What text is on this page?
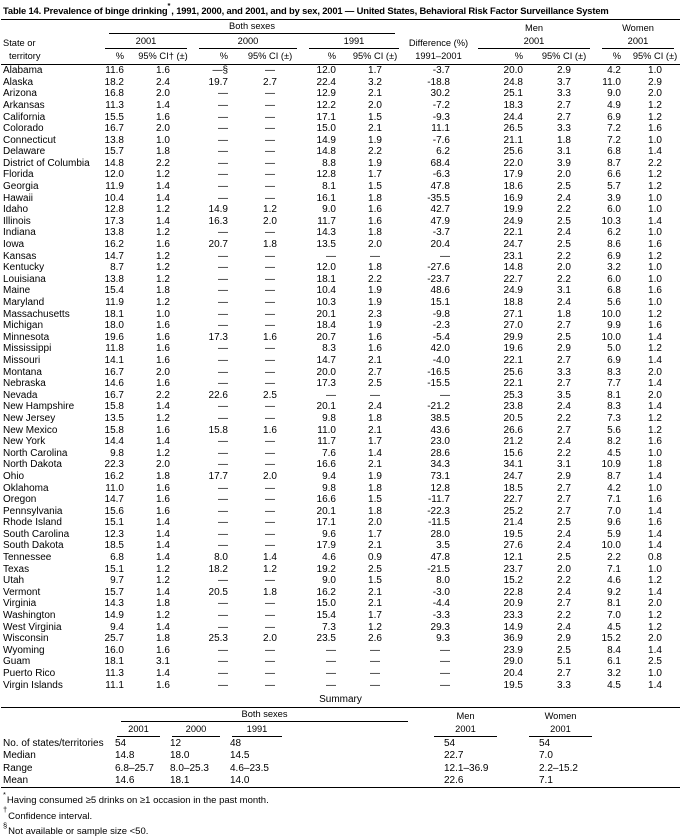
Table 14. Prevalence of binge drinking*, 1991, 2000, and 2001, and by sex, 2001 — United States, Behavioral Risk Factor Surveillance System

	Both sexes							Men		Women	
State or	2001		2000		1991		Difference (%)	2001		2001	

territory	%	95% CI† (±)	%	95% CI (±)	%	95% CI (±)	1991–2001	%	95% CI (±)	%	95% CI (±)
Alabama	11.6	1.6	—§	—	12.0	1.7	-3.7	20.0	2.9	4.2	1.0
Alaska	18.2	2.4	19.7	2.7	22.4	3.2	-18.8	24.8	3.7	11.0	2.9
Arizona	16.8	2.0	—	—	12.9	2.1	30.2	25.1	3.3	9.0	2.0
Arkansas	11.3	1.4	—	—	12.2	2.0	-7.2	18.3	2.7	4.9	1.2
California	15.5	1.6	—	—	17.1	1.5	-9.3	24.4	2.7	6.9	1.2
Colorado	16.7	2.0	—	—	15.0	2.1	11.1	26.5	3.3	7.2	1.6
Connecticut	13.8	1.0	—	—	14.9	1.9	-7.6	21.1	1.8	7.2	1.0
Delaware	15.7	1.8	—	—	14.8	2.2	6.2	25.6	3.1	6.8	1.4
District of Columbia	14.8	2.2	—	—	8.8	1.9	68.4	22.0	3.9	8.7	2.2
Florida	12.0	1.2	—	—	12.8	1.7	-6.3	17.9	2.0	6.6	1.2
Georgia	11.9	1.4	—	—	8.1	1.5	47.8	18.6	2.5	5.7	1.2
Hawaii	10.4	1.4	—	—	16.1	1.8	-35.5	16.9	2.4	3.9	1.0
Idaho	12.8	1.2	14.9	1.2	9.0	1.6	42.7	19.9	2.2	6.0	1.0
Illinois	17.3	1.4	16.3	2.0	11.7	1.6	47.9	24.9	2.5	10.3	1.4
Indiana	13.8	1.2	—	—	14.3	1.8	-3.7	22.1	2.4	6.2	1.0
Iowa	16.2	1.6	20.7	1.8	13.5	2.0	20.4	24.7	2.5	8.6	1.6
Kansas	14.7	1.2	—	—	—	—	—	23.1	2.2	6.9	1.2
Kentucky	8.7	1.2	—	—	12.0	1.8	-27.6	14.8	2.0	3.2	1.0
Louisiana	13.8	1.2	—	—	18.1	2.2	-23.7	22.7	2.2	6.0	1.0
Maine	15.4	1.8	—	—	10.4	1.9	48.6	24.9	3.1	6.8	1.6
Maryland	11.9	1.2	—	—	10.3	1.9	15.1	18.8	2.4	5.6	1.0
Massachusetts	18.1	1.0	—	—	20.1	2.3	-9.8	27.1	1.8	10.0	1.2
Michigan	18.0	1.6	—	—	18.4	1.9	-2.3	27.0	2.7	9.9	1.6
Minnesota	19.6	1.6	17.3	1.6	20.7	1.6	-5.4	29.9	2.5	10.0	1.4
Mississippi	11.8	1.6	—	—	8.3	1.6	42.0	19.6	2.9	5.0	1.2
Missouri	14.1	1.6	—	—	14.7	2.1	-4.0	22.1	2.7	6.9	1.4
Montana	16.7	2.0	—	—	20.0	2.7	-16.5	25.6	3.3	8.3	2.0
Nebraska	14.6	1.6	—	—	17.3	2.5	-15.5	22.1	2.7	7.7	1.4
Nevada	16.7	2.2	22.6	2.5	—	—	—	25.3	3.5	8.1	2.0
New Hampshire	15.8	1.4	—	—	20.1	2.4	-21.2	23.8	2.4	8.3	1.4
New Jersey	13.5	1.2	—	—	9.8	1.8	38.5	20.5	2.2	7.3	1.2
New Mexico	15.8	1.6	15.8	1.6	11.0	2.1	43.6	26.6	2.7	5.6	1.2
New York	14.4	1.4	—	—	11.7	1.7	23.0	21.2	2.4	8.2	1.6
North Carolina	9.8	1.2	—	—	7.6	1.4	28.6	15.6	2.2	4.5	1.0
North Dakota	22.3	2.0	—	—	16.6	2.1	34.3	34.1	3.1	10.9	1.8
Ohio	16.2	1.8	17.7	2.0	9.4	1.9	73.1	24.7	2.9	8.7	1.4
Oklahoma	11.0	1.6	—	—	9.8	1.8	12.8	18.5	2.7	4.2	1.0
Oregon	14.7	1.6	—	—	16.6	1.5	-11.7	22.7	2.7	7.1	1.6
Pennsylvania	15.6	1.6	—	—	20.1	1.8	-22.3	25.2	2.7	7.0	1.4
Rhode Island	15.1	1.4	—	—	17.1	2.0	-11.5	21.4	2.5	9.6	1.6
South Carolina	12.3	1.4	—	—	9.6	1.7	28.0	19.5	2.4	5.9	1.4
South Dakota	18.5	1.4	—	—	17.9	2.1	3.5	27.6	2.4	10.0	1.4
Tennessee	6.8	1.4	8.0	1.4	4.6	0.9	47.8	12.1	2.5	2.2	0.8
Texas	15.1	1.2	18.2	1.2	19.2	2.5	-21.5	23.7	2.0	7.1	1.0
Utah	9.7	1.2	—	—	9.0	1.5	8.0	15.2	2.2	4.6	1.2
Vermont	15.7	1.4	20.5	1.8	16.2	2.1	-3.0	22.8	2.4	9.2	1.4
Virginia	14.3	1.8	—	—	15.0	2.1	-4.4	20.9	2.7	8.1	2.0
Washington	14.9	1.2	—	—	15.4	1.7	-3.3	23.3	2.2	7.0	1.2
West Virginia	9.4	1.4	—	—	7.3	1.2	29.3	14.9	2.4	4.5	1.2
Wisconsin	25.7	1.8	25.3	2.0	23.5	2.6	9.3	36.9	2.9	15.2	2.0
Wyoming	16.0	1.6	—	—	—	—	—	23.9	2.5	8.4	1.4
Guam	18.1	3.1	—	—	—	—	—	29.0	5.1	6.1	2.5
Puerto Rico	11.3	1.4	—	—	—	—	—	20.4	2.7	3.2	1.0
Virgin Islands	11.1	1.6	—	—	—	—	—	19.5	3.3	4.5	1.4
Summary

	Both sexes				Men	Women	

	2001	2000	1991		2001	2001	

No. of states/territories	54	12	48		54	54	
Median	14.8	18.0	14.5		22.7	7.0	
Range	6.8–25.7	8.0–25.3	4.6–23.5		12.1–36.9	2.2–15.2	
Mean	14.6	18.1	14.0		22.6	7.1	
*Having consumed ≥5 drinks on ≥1 occasion in the past month.
†Confidence interval.
§Not available or sample size <50.
